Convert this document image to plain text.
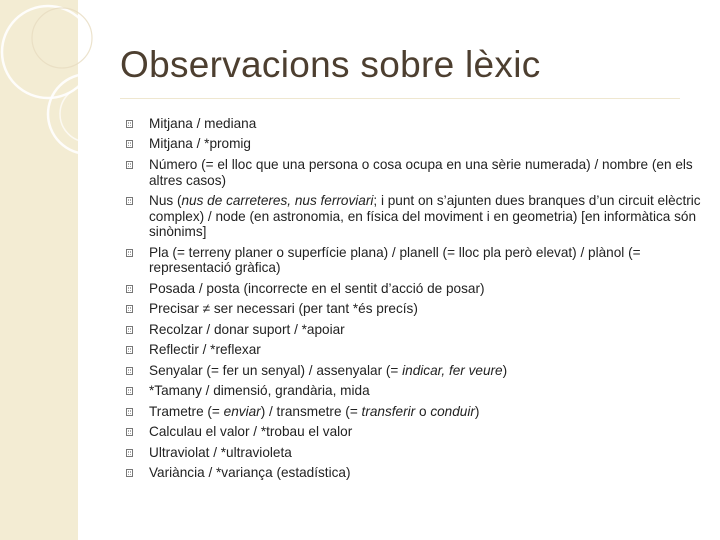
Observacions sobre lèxic
Mitjana / mediana
Mitjana / *promig
Número (= el lloc que una persona o cosa ocupa en una sèrie numerada) / nombre (en els altres casos)
Nus (nus de carreteres, nus ferroviari; i punt on s’ajunten dues branques d’un circuit elèctric complex) / node (en astronomia, en física del moviment i en geometria) [en informàtica són sinònims]
Pla (= terreny planer o superfície plana) / planell (= lloc pla però elevat) / plànol (= representació gràfica)
Posada / posta (incorrecte en el sentit d’acció de posar)
Precisar ≠ ser necessari (per tant *és precís)
Recolzar / donar suport / *apoiar
Reflectir / *reflexar
Senyalar (= fer un senyal) / assenyalar (= indicar, fer veure)
*Tamany / dimensió, grandària, mida
Trametre (= enviar) / transmetre (= transferir o conduir)
Calculau el valor / *trobau el valor
Ultraviolat / *ultravioleta
Variància / *variança (estadística)
